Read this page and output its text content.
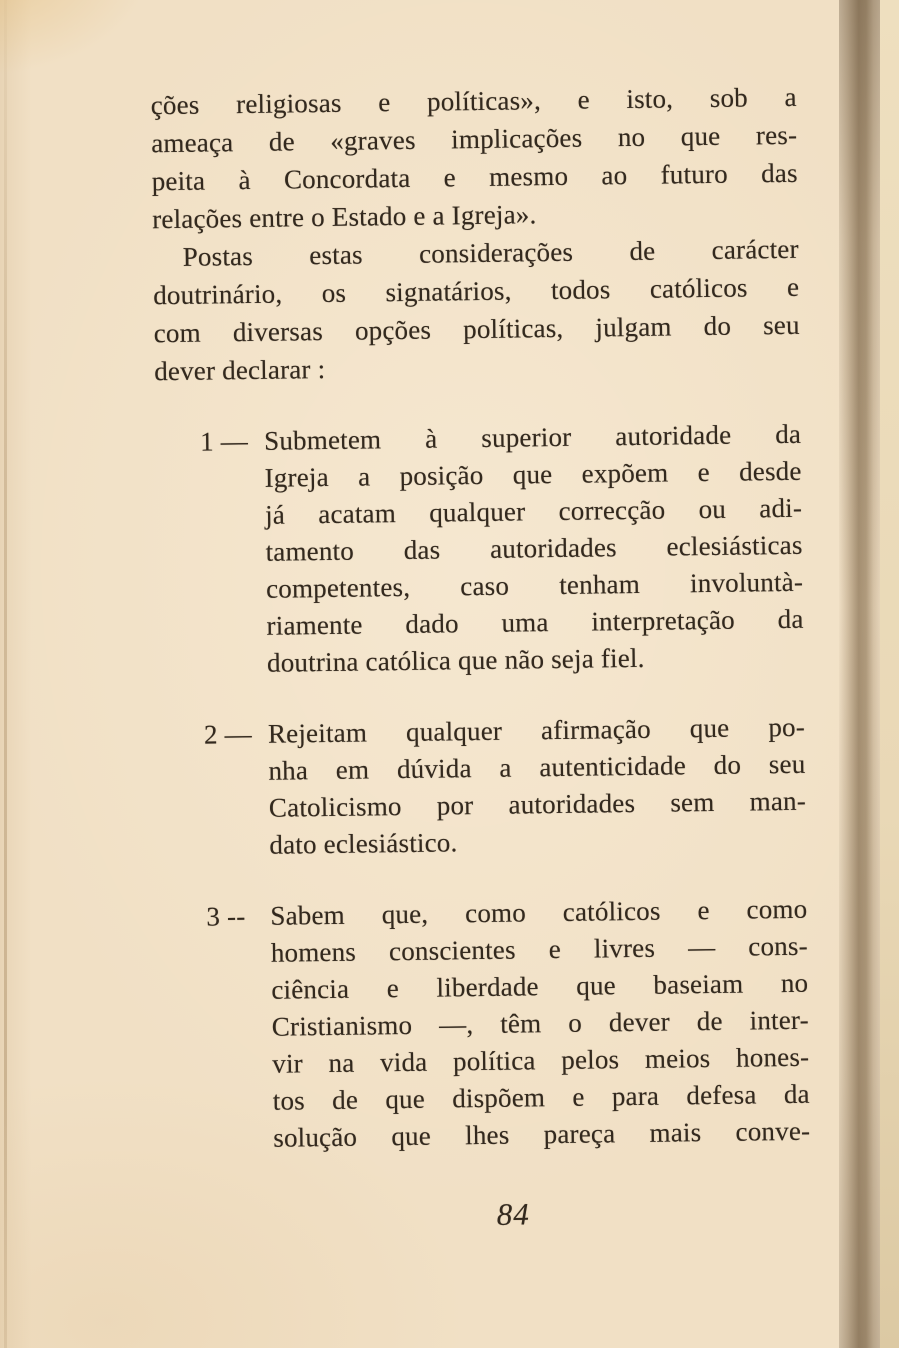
ções religiosas e políticas», e isto, sob a
ameaça de «graves implicações no que res-
peita à Concordata e mesmo ao futuro das
relações entre o Estado e a Igreja».
Postas estas considerações de carácter
doutrinário, os signatários, todos católicos e
com diversas opções políticas, julgam do seu
dever declarar :
1 — Submetem à superior autoridade da
Igreja a posição que expõem e desde
já acatam qualquer correcção ou adi-
tamento das autoridades eclesiásticas
competentes, caso tenham involuntà-
riamente dado uma interpretação da
doutrina católica que não seja fiel.
2 — Rejeitam qualquer afirmação que po-
nha em dúvida a autenticidade do seu
Catolicismo por autoridades sem man-
dato eclesiástico.
3 -- Sabem que, como católicos e como
homens conscientes e livres — cons-
ciência e liberdade que baseiam no
Cristianismo —, têm o dever de inter-
vir na vida política pelos meios hones-
tos de que dispõem e para defesa da
solução que lhes pareça mais conve-
84
